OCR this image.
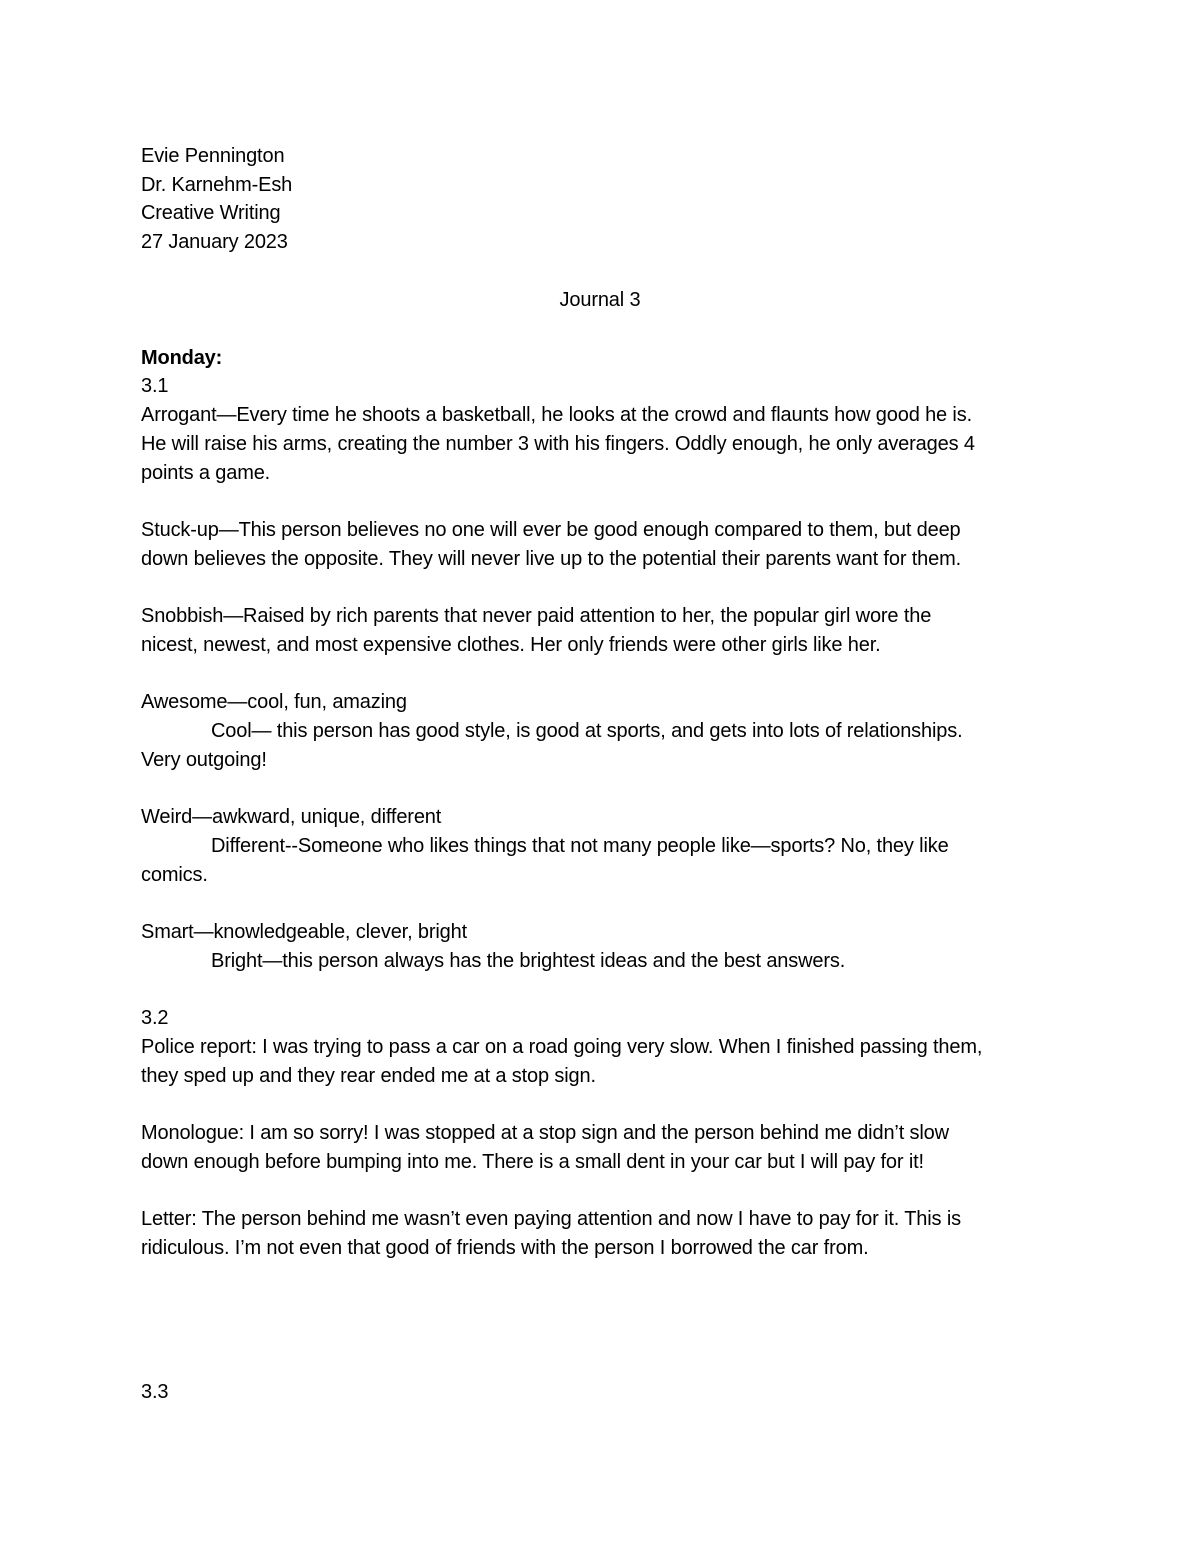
Evie Pennington
Dr. Karnehm-Esh
Creative Writing
27 January 2023
Journal 3
Monday:
3.1
Arrogant—Every time he shoots a basketball, he looks at the crowd and flaunts how good he is.
He will raise his arms, creating the number 3 with his fingers. Oddly enough, he only averages 4
points a game.
Stuck-up—This person believes no one will ever be good enough compared to them, but deep
down believes the opposite. They will never live up to the potential their parents want for them.
Snobbish—Raised by rich parents that never paid attention to her, the popular girl wore the
nicest, newest, and most expensive clothes. Her only friends were other girls like her.
Awesome—cool, fun, amazing
Cool— this person has good style, is good at sports, and gets into lots of relationships.
Very outgoing!
Weird—awkward, unique, different
Different--Someone who likes things that not many people like—sports? No, they like
comics.
Smart—knowledgeable, clever, bright
Bright—this person always has the brightest ideas and the best answers.
3.2
Police report: I was trying to pass a car on a road going very slow. When I finished passing them,
they sped up and they rear ended me at a stop sign.
Monologue: I am so sorry! I was stopped at a stop sign and the person behind me didn’t slow
down enough before bumping into me. There is a small dent in your car but I will pay for it!
Letter: The person behind me wasn’t even paying attention and now I have to pay for it. This is
ridiculous. I’m not even that good of friends with the person I borrowed the car from.
3.3
